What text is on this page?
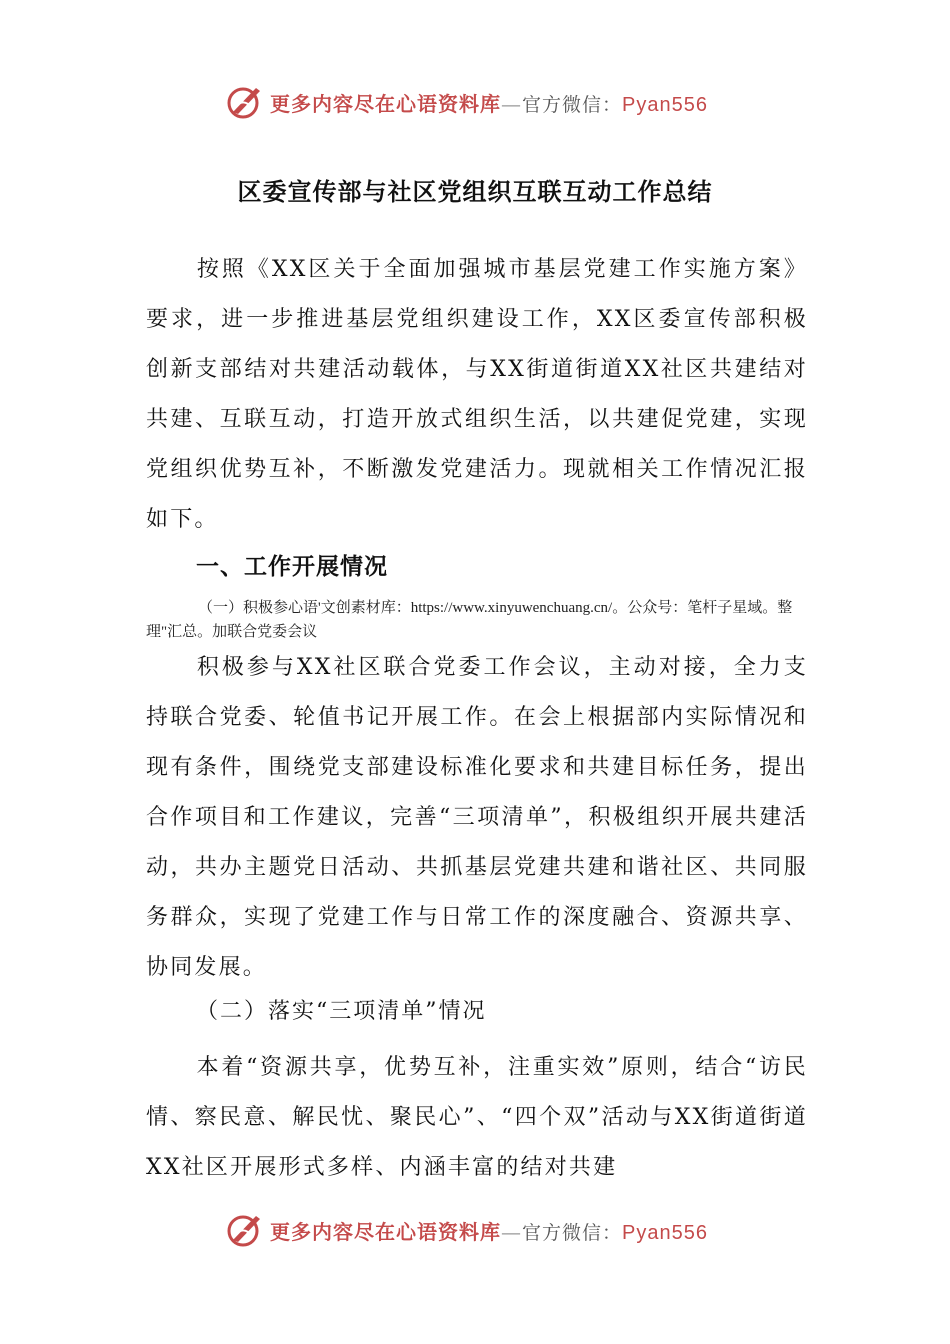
更多内容尽在心语资料库—官方微信：Pyan556
区委宣传部与社区党组织互联互动工作总结

按照《XX区关于全面加强城市基层党建工作实施方案》要求，进一步推进基层党组织建设工作，XX区委宣传部积极创新支部结对共建活动载体，与XX街道街道XX社区共建结对共建、互联互动，打造开放式组织生活，以共建促党建，实现党组织优势互补，不断激发党建活力。现就相关工作情况汇报如下。

一、工作开展情况
（一）积极参心语'文创素材库：https://www.xinyuwenchuang.cn/。公众号：笔杆子星域。整理"汇总。加联合党委会议

积极参与XX社区联合党委工作会议，主动对接，全力支持联合党委、轮值书记开展工作。在会上根据部内实际情况和现有条件，围绕党支部建设标准化要求和共建目标任务，提出合作项目和工作建议，完善“三项清单”，积极组织开展共建活动，共办主题党日活动、共抓基层党建共建和谐社区、共同服务群众，实现了党建工作与日常工作的深度融合、资源共享、协同发展。

（二）落实“三项清单”情况

本着“资源共享，优势互补，注重实效”原则，结合“访民情、察民意、解民忧、聚民心”、“四个双”活动与XX街道街道XX社区开展形式多样、内涵丰富的结对共建

更多内容尽在心语资料库—官方微信：Pyan556
